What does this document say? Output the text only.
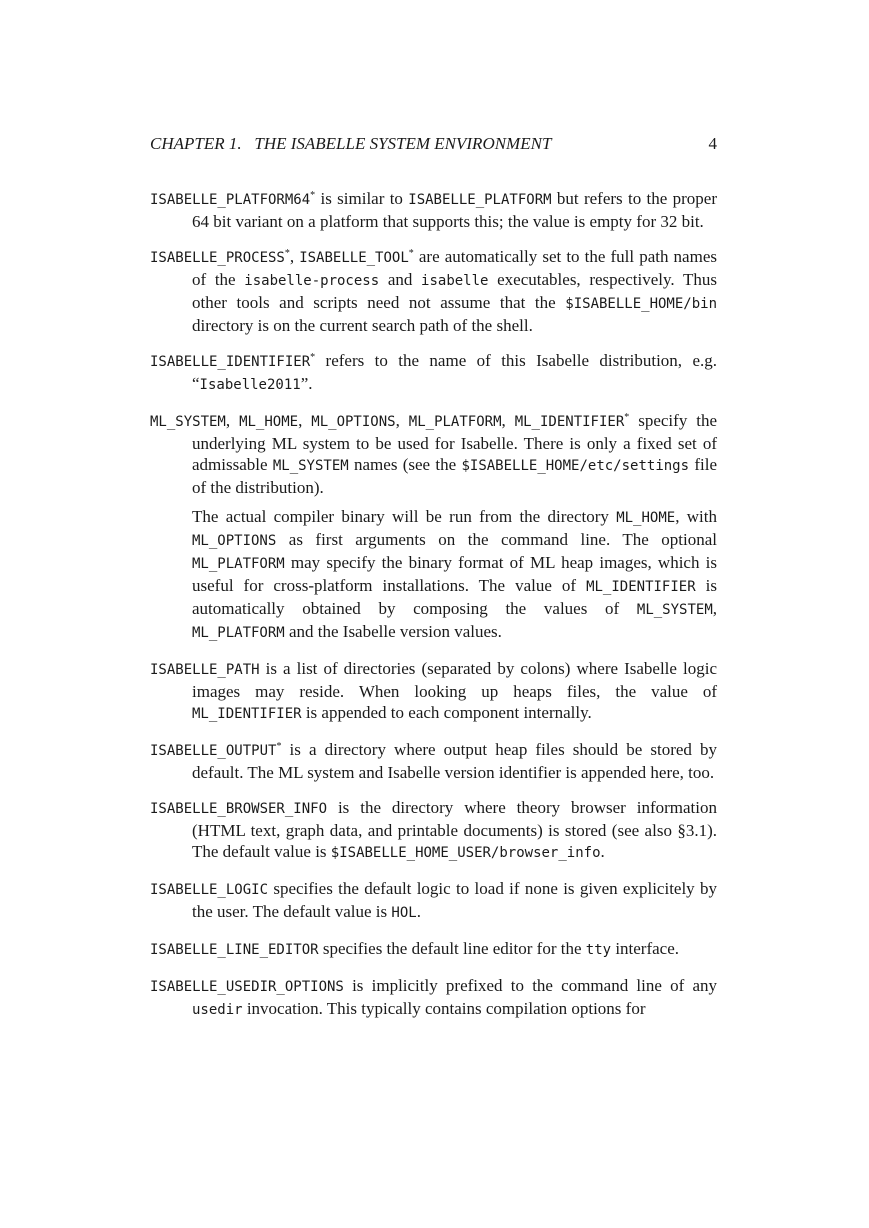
CHAPTER 1. THE ISABELLE SYSTEM ENVIRONMENT	4

ISABELLE_PLATFORM64* is similar to ISABELLE_PLATFORM but refers to the proper 64 bit variant on a platform that supports this; the value is empty for 32 bit.

ISABELLE_PROCESS*, ISABELLE_TOOL* are automatically set to the full path names of the isabelle-process and isabelle executables, respectively. Thus other tools and scripts need not assume that the $ISABELLE_HOME/bin directory is on the current search path of the shell.

ISABELLE_IDENTIFIER* refers to the name of this Isabelle distribution, e.g. “Isabelle2011”.

ML_SYSTEM, ML_HOME, ML_OPTIONS, ML_PLATFORM, ML_IDENTIFIER* specify the underlying ML system to be used for Isabelle. There is only a fixed set of admissable ML_SYSTEM names (see the $ISABELLE_HOME/etc/settings file of the distribution).

The actual compiler binary will be run from the directory ML_HOME, with ML_OPTIONS as first arguments on the command line. The optional ML_PLATFORM may specify the binary format of ML heap images, which is useful for cross-platform installations. The value of ML_IDENTIFIER is automatically obtained by composing the values of ML_SYSTEM, ML_PLATFORM and the Isabelle version values.

ISABELLE_PATH is a list of directories (separated by colons) where Isabelle logic images may reside. When looking up heaps files, the value of ML_IDENTIFIER is appended to each component internally.

ISABELLE_OUTPUT* is a directory where output heap files should be stored by default. The ML system and Isabelle version identifier is appended here, too.

ISABELLE_BROWSER_INFO is the directory where theory browser information (HTML text, graph data, and printable documents) is stored (see also §3.1). The default value is $ISABELLE_HOME_USER/browser_info.

ISABELLE_LOGIC specifies the default logic to load if none is given explicitely by the user. The default value is HOL.

ISABELLE_LINE_EDITOR specifies the default line editor for the tty interface.

ISABELLE_USEDIR_OPTIONS is implicitly prefixed to the command line of any usedir invocation. This typically contains compilation options for
